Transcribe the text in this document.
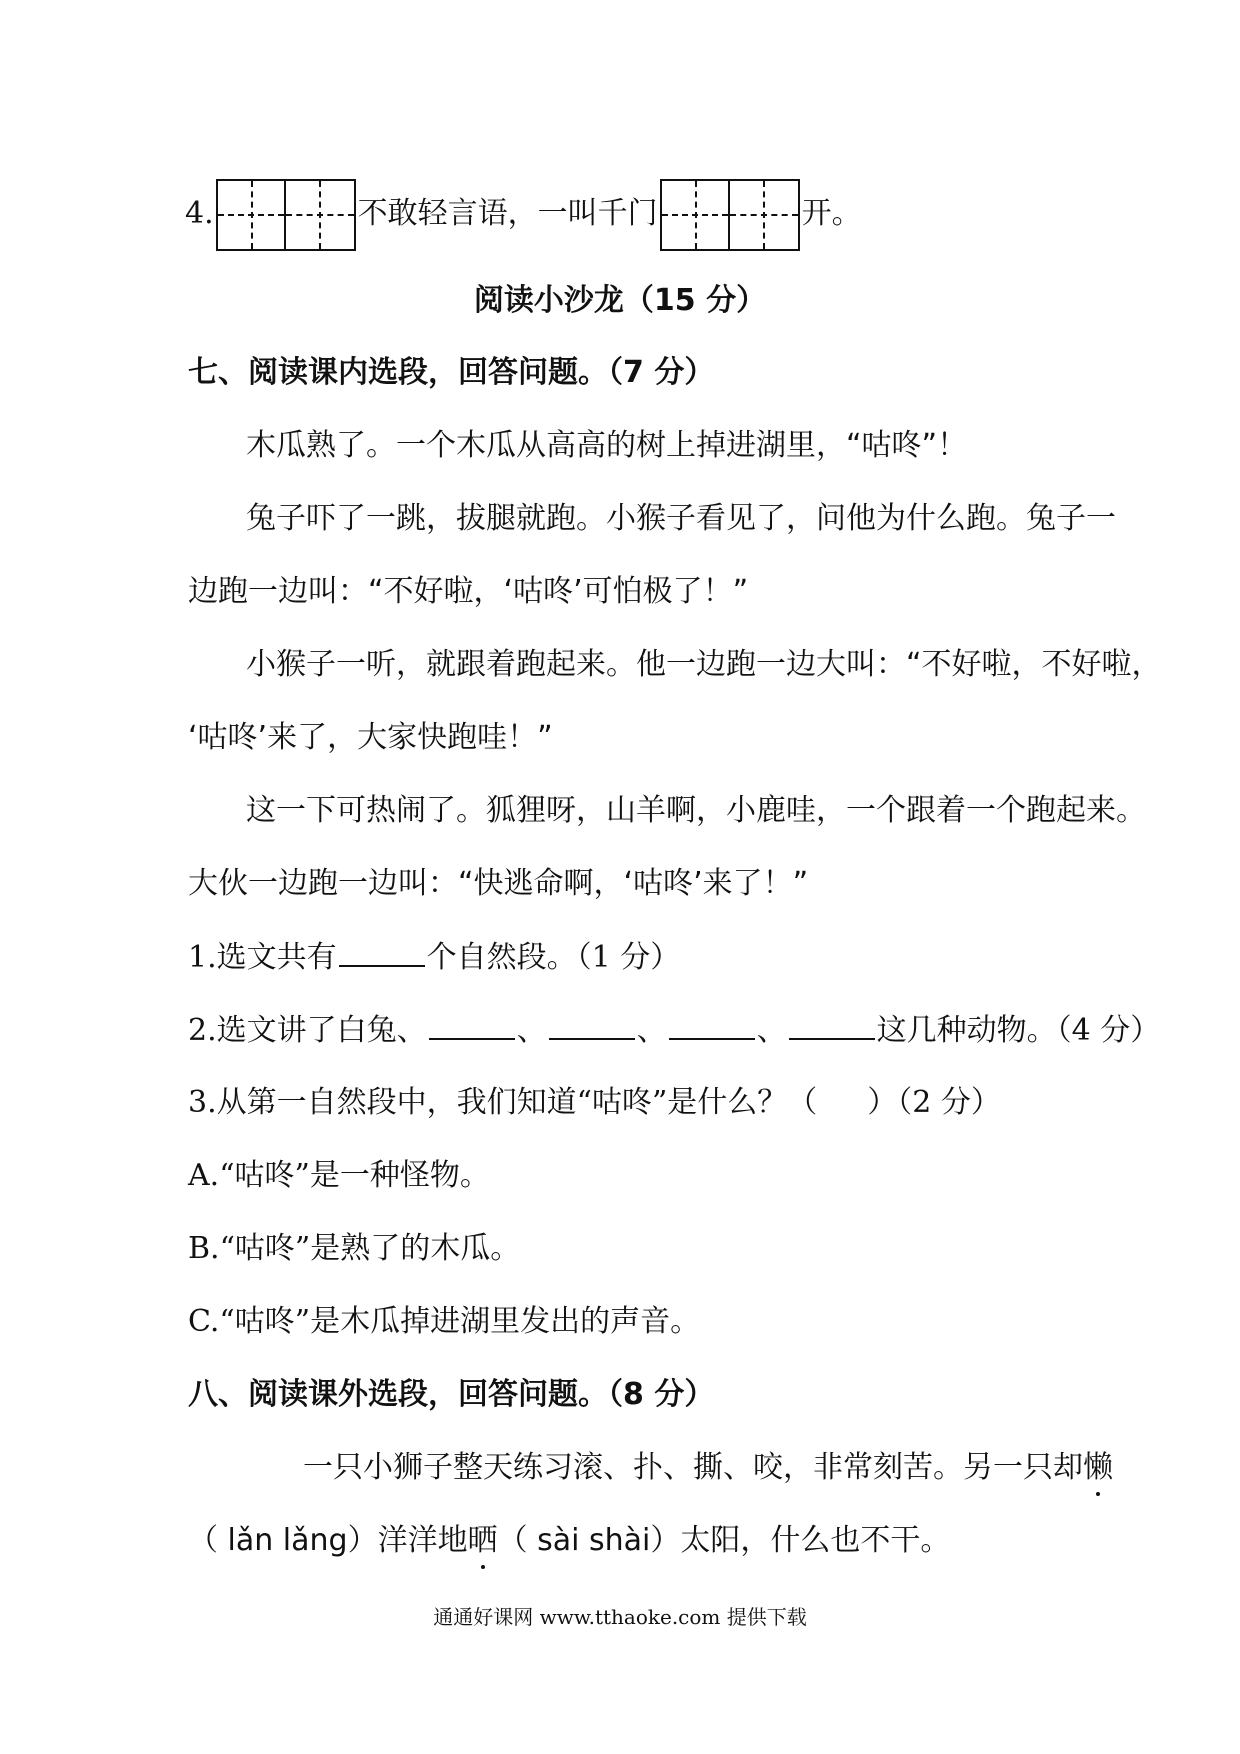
4.	不敢轻言语，一叫千门	开。
阅读小沙龙（15 分）
七、阅读课内选段，回答问题。（7 分）
木瓜熟了。一个木瓜从高高的树上掉进湖里，“咕咚”！
兔子吓了一跳，拔腿就跑。小猴子看见了，问他为什么跑。兔子一
边跑一边叫：“不好啦，‘咕咚’可怕极了！”
小猴子一听，就跟着跑起来。他一边跑一边大叫：“不好啦，不好啦，
‘咕咚’来了，大家快跑哇！”
这一下可热闹了。狐狸呀，山羊啊，小鹿哇，一个跟着一个跑起来。
大伙一边跑一边叫：“快逃命啊，‘咕咚’来了！”
1.选文共有	个自然段。（1 分）
2.选文讲了白兔、	、	、	、	这几种动物。（4 分）
3.从第一自然段中，我们知道“咕咚”是什么？（ ）（2 分）
A.“咕咚”是一种怪物。
B.“咕咚”是熟了的木瓜。
C.“咕咚”是木瓜掉进湖里发出的声音。
八、阅读课外选段，回答问题。（8 分）
一只小狮子整天练习滚、扑、撕、咬，非常刻苦。另一只却懒
（ lǎn lǎng）洋洋地晒（ sài shài）太阳，什么也不干。
通通好课网 www.tthaoke.com 提供下载
